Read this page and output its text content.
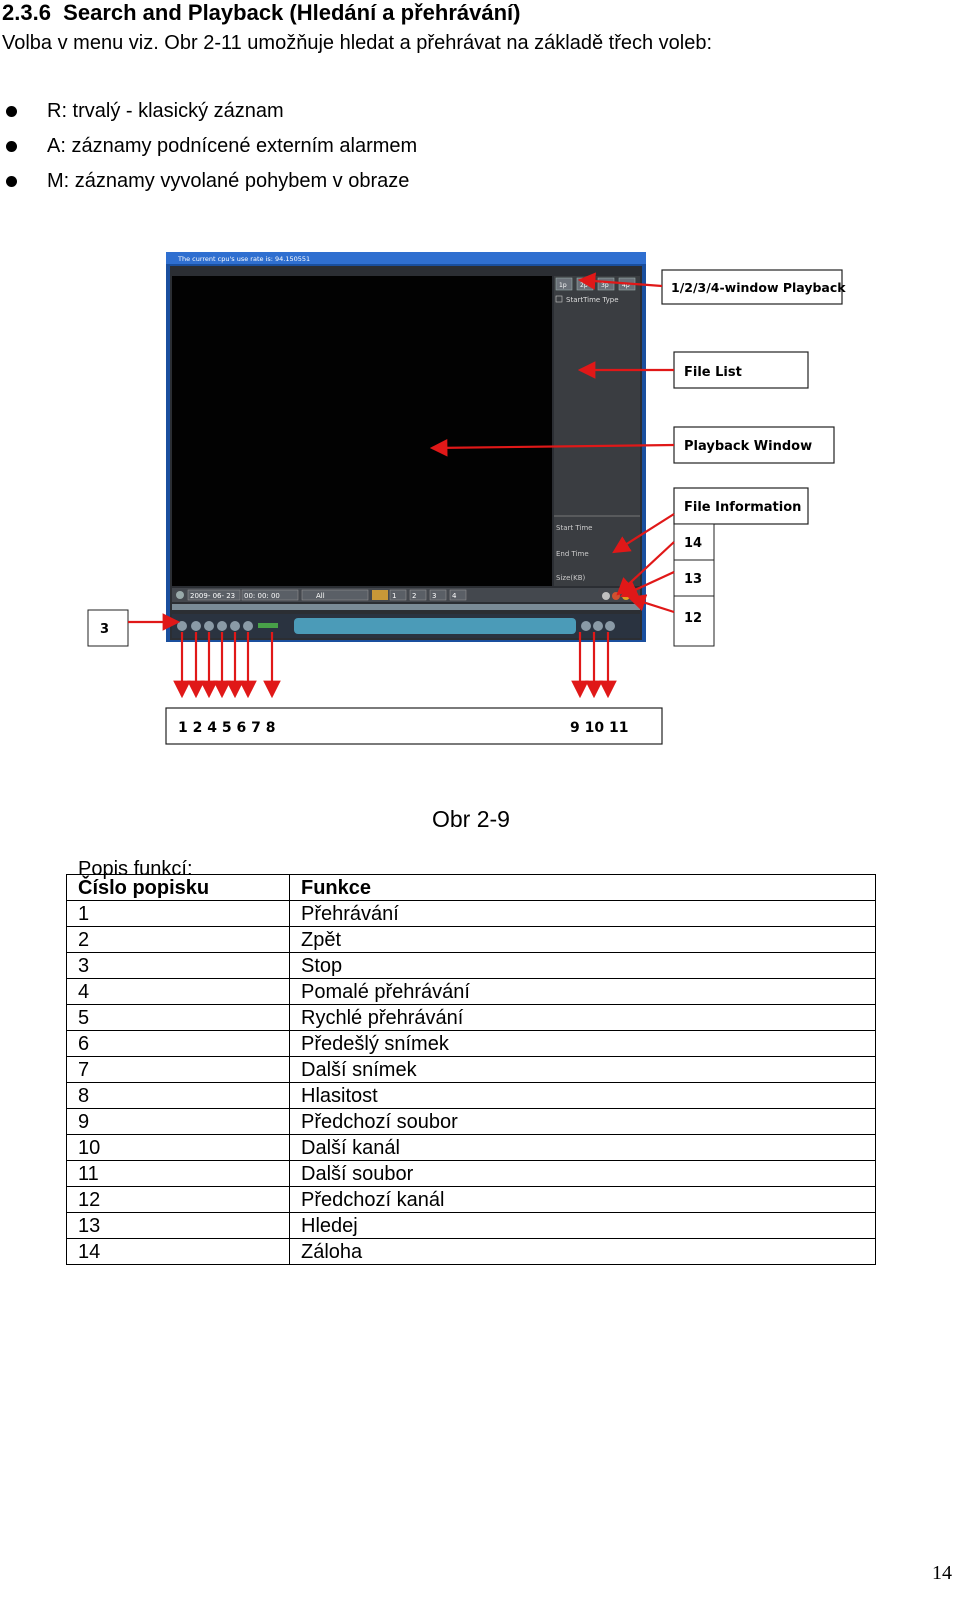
2.3.6 Search and Playback (Hledání a přehrávání)
Volba v menu viz. Obr 2-11 umožňuje hledat a přehrávat na základě třech voleb:
R: trvalý - klasický záznam
A: záznamy podnícené externím alarmem
M: záznamy vyvolané pohybem v obraze
The current cpu's use rate is: 94.150551
1p 2p 3p 4p
StartTime Type
Start Time
End Time
Size(KB)
2009- 06- 23 00: 00: 00	All	1 2 3 4
1/2/3/4-window Playback
File List
Playback Window
File Information
14
13
12
3
1 2 4 5 6 7 8	9 10 11
Obr 2-9
Popis funkcí:
Číslo popisku	Funkce
1	Přehrávání
2	Zpět
3	Stop
4	Pomalé přehrávání
5	Rychlé přehrávání
6	Předešlý snímek
7	Další snímek
8	Hlasitost
9	Předchozí soubor
10	Další kanál
11	Další soubor
12	Předchozí kanál
13	Hledej
14	Záloha
14
